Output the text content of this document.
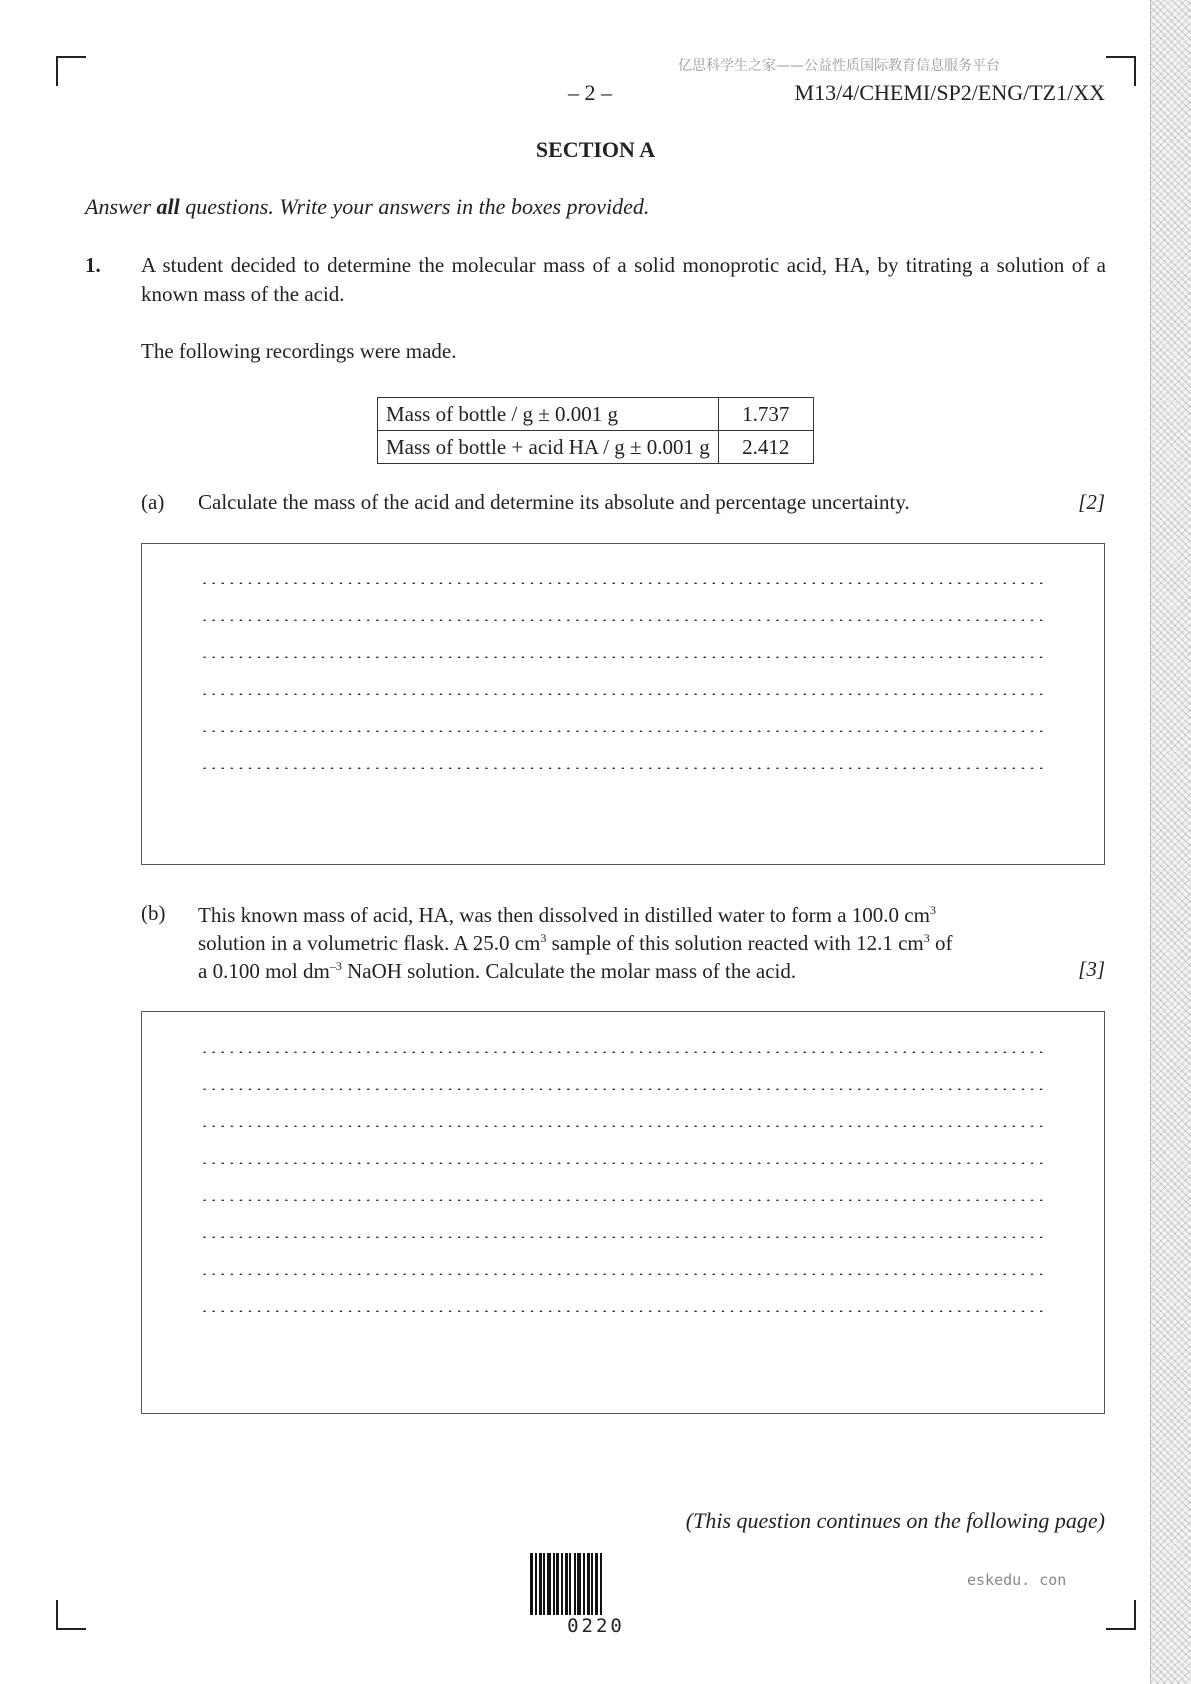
亿思科学生之家——公益性质国际教育信息服务平台
– 2 –	M13/4/CHEMI/SP2/ENG/TZ1/XX
SECTION A
Answer all questions. Write your answers in the boxes provided.
1. A student decided to determine the molecular mass of a solid monoprotic acid, HA, by titrating a solution of a known mass of the acid.
The following recordings were made.
Mass of bottle / g ± 0.001 g	1.737
Mass of bottle + acid HA / g ± 0.001 g	2.412
(a) Calculate the mass of the acid and determine its absolute and percentage uncertainty.	[2]
(b) This known mass of acid, HA, was then dissolved in distilled water to form a 100.0 $cm^3$
solution in a volumetric flask. A 25.0 $cm^3$ sample of this solution reacted with 12.1 $cm^3$ of
a 0.100 mol $dm^{-3}$ NaOH solution. Calculate the molar mass of the acid.	[3]
(This question continues on the following page)
0220
eskedu. con
